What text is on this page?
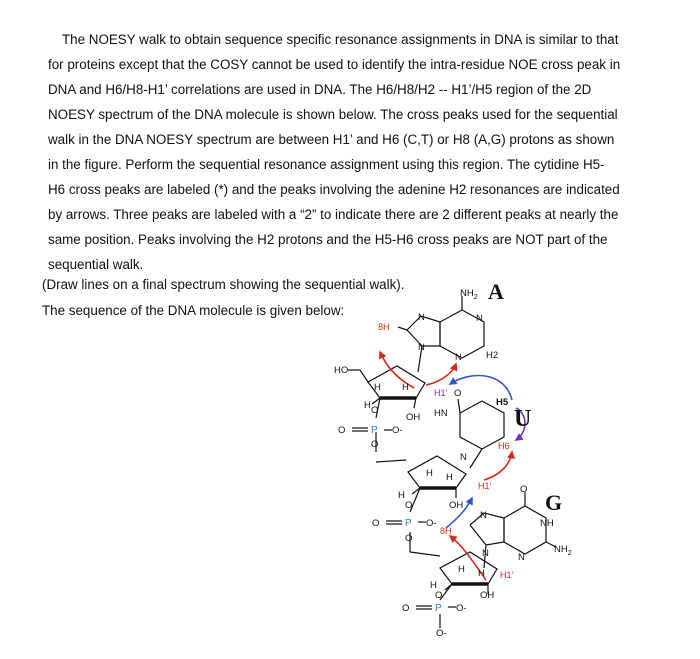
The NOESY walk to obtain sequence specific resonance assignments in DNA is similar to that
for proteins except that the COSY cannot be used to identify the intra-residue NOE cross peak in
DNA and H6/H8-H1’ correlations are used in DNA. The H6/H8/H2 -- H1’/H5 region of the 2D
NOESY spectrum of the DNA molecule is shown below. The cross peaks used for the sequential
walk in the DNA NOESY spectrum are between H1’ and H6 (C,T) or H8 (A,G) protons as shown
in the figure. Perform the sequential resonance assignment using this region. The cytidine H5-
H6 cross peaks are labeled (*) and the peaks involving the adenine H2 resonances are indicated
by arrows. Three peaks are labeled with a “2” to indicate there are 2 different peaks at nearly the
same position. Peaks involving the H2 protons and the H5-H6 cross peaks are NOT part of the
sequential walk.

(Draw lines on a final spectrum showing the sequential walk).

The sequence of the DNA molecule is given below:

$NH_2$
N	N
N
N	H2
HO
H H
H
OH
O
O	O-
O
O
HN
H5
N
H H
H
OH
O
O	O-
O
N
O
NH
N
N	$NH_2$
H H
H
OH
O
O	O-
O-
P
P
P
8H
H6
H1’
8H
H1’
H1’
A
U
G
